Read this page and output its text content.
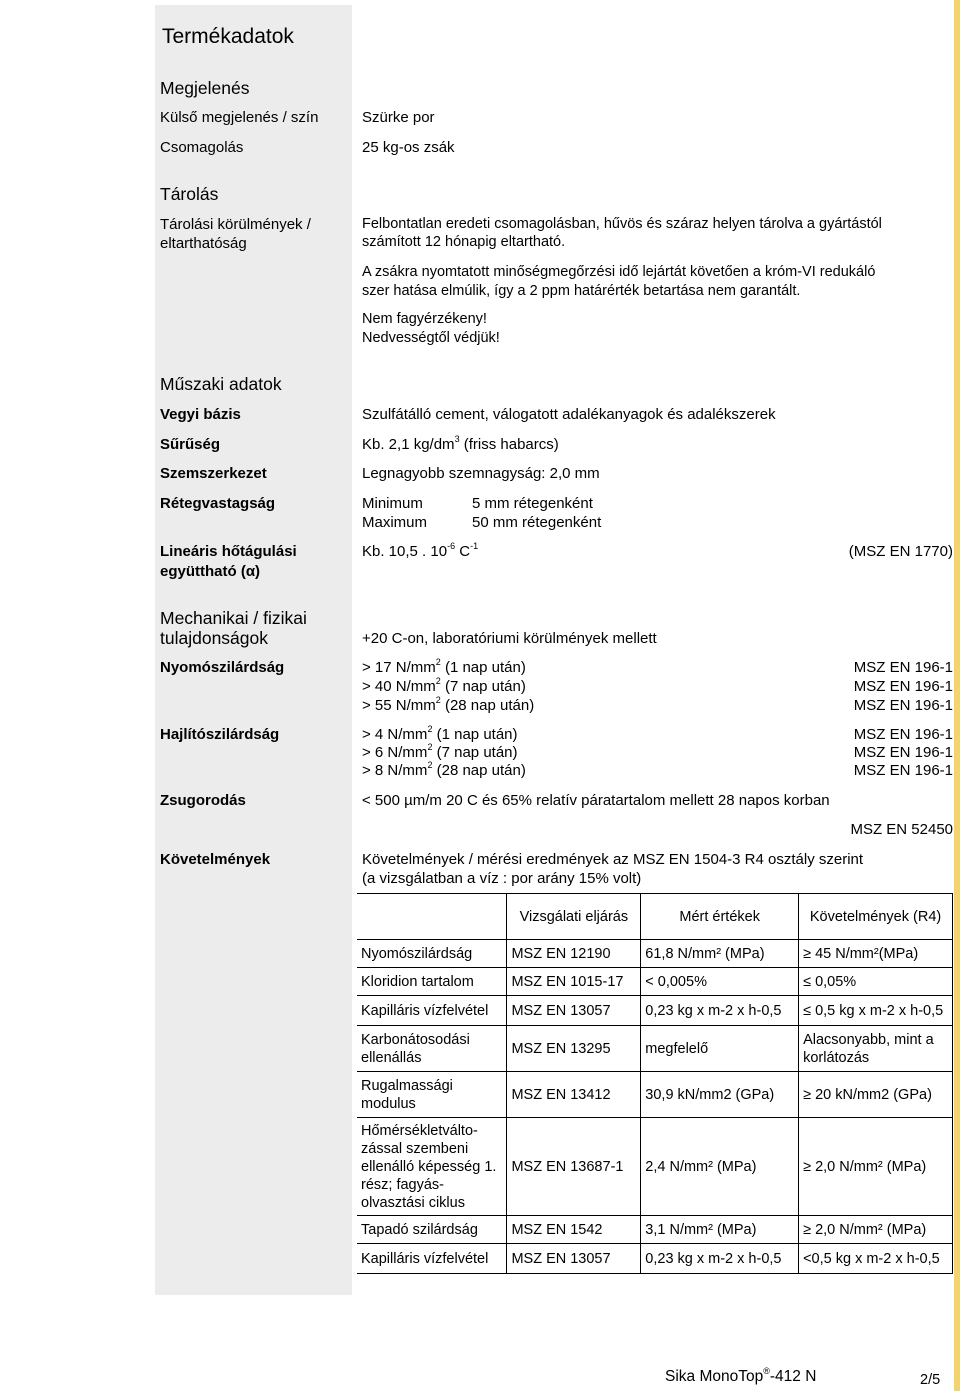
Termékadatok
Megjelenés
Külső megjelenés / szín	Szürke por
Csomagolás	25 kg-os zsák
Tárolás
Tárolási körülmények /
eltarthatóság
Felbontatlan eredeti csomagolásban, hűvös és száraz helyen tárolva a gyártástól
számított 12 hónapig eltartható.
A zsákra nyomtatott minőségmegőrzési idő lejártát követően a króm-VI redukáló
szer hatása elmúlik, így a 2 ppm határérték betartása nem garantált.
Nem fagyérzékeny!
Nedvességtől védjük!
Műszaki adatok
Vegyi bázis	Szulfátálló cement, válogatott adalékanyagok és adalékszerek
Sűrűség	Kb. 2,1 $kg/dm^3$ (friss habarcs)
Szemszerkezet	Legnagyobb szemnagyság: 2,0 mm
Rétegvastagság	Minimum	5 mm rétegenként
Maximum	50 mm rétegenként
Lineáris hőtágulási
együttható (α)
Kb. 10,5 . $10^{-6}$ $C^{-1}$	(MSZ EN 1770)
Mechanikai / fizikai
tulajdonságok	+20 C-on, laboratóriumi körülmények mellett
Nyomószilárdság	> 17 $N/mm^2$ (1 nap után)	MSZ EN 196-1
> 40 $N/mm^2$ (7 nap után)	MSZ EN 196-1
> 55 $N/mm^2$ (28 nap után)	MSZ EN 196-1
Hajlítószilárdság	> 4 $N/mm^2$ (1 nap után)	MSZ EN 196-1
> 6 $N/mm^2$ (7 nap után)	MSZ EN 196-1
> 8 $N/mm^2$ (28 nap után)	MSZ EN 196-1
Zsugorodás	< 500 µm/m 20 C és 65% relatív páratartalom mellett 28 napos korban
MSZ EN 52450
Követelmények	Követelmények / mérési eredmények az MSZ EN 1504-3 R4 osztály szerint
(a vizsgálatban a víz : por arány 15% volt)
	Vizsgálati eljárás	Mért értékek	Követelmények (R4)
Nyomószilárdság	MSZ EN 12190	61,8 N/mm² (MPa)	≥ 45 N/mm²(MPa)
Kloridion tartalom	MSZ EN 1015-17	< 0,005%	≤ 0,05%
Kapilláris vízfelvétel	MSZ EN 13057	0,23 kg x m-2 x h-0,5	≤ 0,5 kg x m-2 x h-0,5
Karbonátosodási ellenállás	MSZ EN 13295	megfelelő	Alacsonyabb, mint a korlátozás
Rugalmassági modulus	MSZ EN 13412	30,9 kN/mm2 (GPa)	≥ 20 kN/mm2 (GPa)
Hőmérsékletválto-zással szembeni ellenálló képesség 1. rész; fagyás-olvasztási ciklus	MSZ EN 13687-1	2,4 N/mm² (MPa)	≥ 2,0 N/mm² (MPa)
Tapadó szilárdság	MSZ EN 1542	3,1 N/mm² (MPa)	≥ 2,0 N/mm² (MPa)
Kapilláris vízfelvétel	MSZ EN 13057	0,23 kg x m-2 x h-0,5	<0,5 kg x m-2 x h-0,5
Sika MonoTop®-412 N	2/5
